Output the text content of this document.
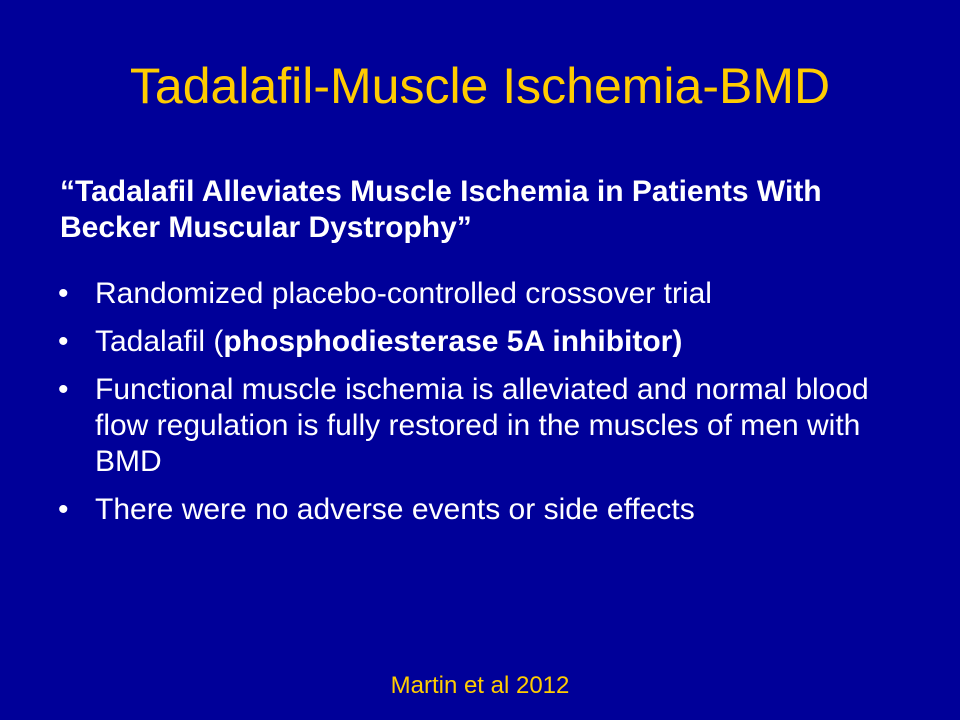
Tadalafil-Muscle Ischemia-BMD

“Tadalafil Alleviates Muscle Ischemia in Patients With Becker Muscular Dystrophy”

• Randomized placebo-controlled crossover trial
• Tadalafil (phosphodiesterase 5A inhibitor)
• Functional muscle ischemia is alleviated and normal blood flow regulation is fully restored in the muscles of men with BMD
• There were no adverse events or side effects

Martin et al 2012
